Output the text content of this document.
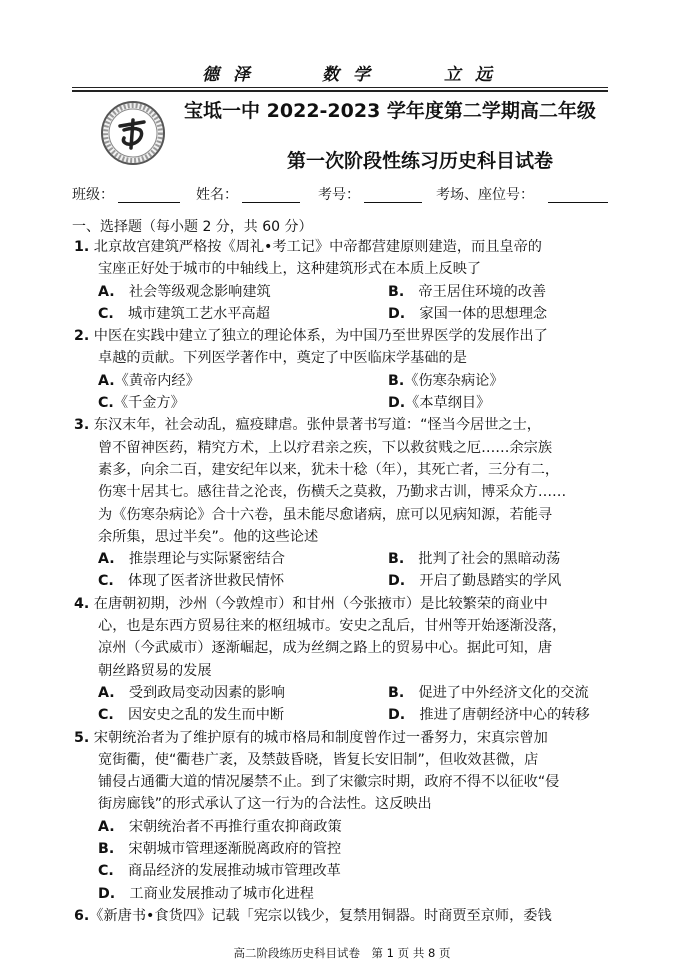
德 泽	数 学	立 远
宝坻一中 2022-2023 学年度第二学期高二年级
第一次阶段性练习历史科目试卷
班级：	姓名：	考号：	考场、座位号：
一、选择题（每小题 2 分，共 60 分）
1. 北京故宫建筑严格按《周礼•考工记》中帝都营建原则建造，而且皇帝的
宝座正好处于城市的中轴线上，这种建筑形式在本质上反映了
A.　 社会等级观念影响建筑	B.　 帝王居住环境的改善
C.　 城市建筑工艺水平高超	D.　 家国一体的思想理念
2. 中医在实践中建立了独立的理论体系，为中国乃至世界医学的发展作出了
卓越的贡献。下列医学著作中，奠定了中医临床学基础的是
A.《黄帝内经》	B.《伤寒杂病论》
C.《千金方》	D.《本草纲目》
3. 东汉末年，社会动乱，瘟疫肆虐。张仲景著书写道：“怪当今居世之士，
曾不留神医药，精究方术，上以疗君亲之疾，下以救贫贱之厄……余宗族
素多，向余二百，建安纪年以来，犹未十稔（年），其死亡者，三分有二，
伤寒十居其七。感往昔之沦丧，伤横夭之莫救，乃勤求古训，博采众方……
为《伤寒杂病论》合十六卷，虽未能尽愈诸病，庶可以见病知源，若能寻
余所集，思过半矣”。他的这些论述
A.　 推崇理论与实际紧密结合	B.　 批判了社会的黑暗动荡
C.　 体现了医者济世救民情怀	D.　 开启了勤恳踏实的学风
4. 在唐朝初期，沙州（今敦煌市）和甘州（今张掖市）是比较繁荣的商业中
心，也是东西方贸易往来的枢纽城市。安史之乱后，甘州等开始逐渐没落，
凉州（今武威市）逐渐崛起，成为丝绸之路上的贸易中心。据此可知，唐
朝丝路贸易的发展
A.　 受到政局变动因素的影响	B.　 促进了中外经济文化的交流
C.　 因安史之乱的发生而中断	D.　 推进了唐朝经济中心的转移
5. 宋朝统治者为了维护原有的城市格局和制度曾作过一番努力，宋真宗曾加
宽街衢，使“衢巷广袤，及禁鼓昏晓，皆复长安旧制”，但收效甚微，店
铺侵占通衢大道的情况屡禁不止。到了宋徽宗时期，政府不得不以征收“侵
街房廊钱”的形式承认了这一行为的合法性。这反映出
A.　 宋朝统治者不再推行重农抑商政策
B.　 宋朝城市管理逐渐脱离政府的管控
C.　 商品经济的发展推动城市管理改革
D.　 工商业发展推动了城市化进程
6.《新唐书•食货四》记载「宪宗以钱少，复禁用铜器。时商贾至京师，委钱
高二阶段练历史科目试卷　第 1 页 共 8 页
